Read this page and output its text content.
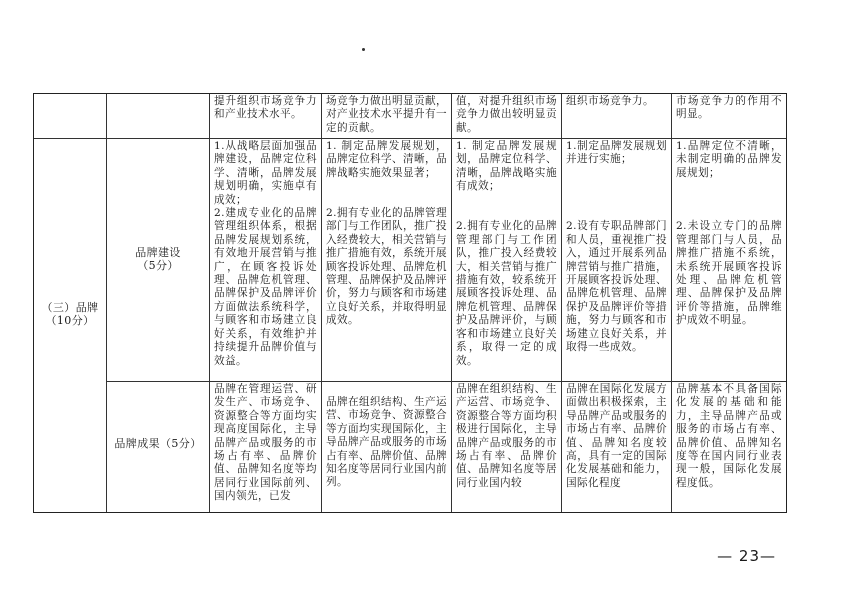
提升组织市场竞争力和产业技术水平。
场竞争力做出明显贡献，对产业技术水平提升有一定的贡献。
值，对提升组织市场竞争力做出较明显贡献。
组织市场竞争力。	市场竞争力的作用不明显。
（三）品牌（10分）
品牌建设
（5分）
1.从战略层面加强品牌建设，品牌定位科学、清晰，品牌发展规划明确，实施卓有成效；
2.建成专业化的品牌管理组织体系，根据品牌发展规划系统，有效地开展营销与推广，在顾客投诉处理、品牌危机管理、品牌保护及品牌评价方面做法系统科学，与顾客和市场建立良好关系，有效维护并持续提升品牌价值与效益。
1. 制定品牌发展规划，品牌定位科学、清晰，品牌战略实施效果显著；

2.拥有专业化的品牌管理部门与工作团队，推广投入经费较大，相关营销与推广措施有效，系统开展顾客投诉处理、品牌危机管理、品牌保护及品牌评价，努力与顾客和市场建立良好关系，并取得明显成效。
1. 制定品牌发展规划，品牌定位科学、清晰，品牌战略实施有成效；

2.拥有专业化的品牌管理部门与工作团队，推广投入经费较大，相关营销与推广措施有效，较系统开展顾客投诉处理、品牌危机管理、品牌保护及品牌评价，与顾客和市场建立良好关系，取得一定的成效。
1.制定品牌发展规划并进行实施；

2.设有专职品牌部门和人员，重视推广投入，通过开展系列品牌营销与推广措施，开展顾客投诉处理、品牌危机管理、品牌保护及品牌评价等措施，努力与顾客和市场建立良好关系，并取得一些成效。
1.品牌定位不清晰，未制定明确的品牌发展规划；

2.未设立专门的品牌管理部门与人员，品牌推广措施不系统，未系统开展顾客投诉处理、品牌危机管理、品牌保护及品牌评价等措施，品牌维护成效不明显。
品牌成果（5分）
品牌在管理运营、研发生产、市场竞争、资源整合等方面均实现高度国际化，主导品牌产品或服务的市场占有率、品牌价值、品牌知名度等均居同行业国际前列、国内领先，已发
品牌在组织结构、生产运营、市场竞争、资源整合等方面均实现国际化，主导品牌产品或服务的市场占有率、品牌价值、品牌知名度等居同行业国内前列。
品牌在组织结构、生产运营、市场竞争、资源整合等方面均积极进行国际化，主导品牌产品或服务的市场占有率、品牌价值、品牌知名度等居同行业国内较
品牌在国际化发展方面做出积极探索，主导品牌产品或服务的市场占有率、品牌价值、品牌知名度较高，具有一定的国际化发展基础和能力，国际化程度
品牌基本不具备国际化发展的基础和能力，主导品牌产品或服务的市场占有率、品牌价值、品牌知名度等在国内同行业表现一般，国际化发展程度低。
— 23—
